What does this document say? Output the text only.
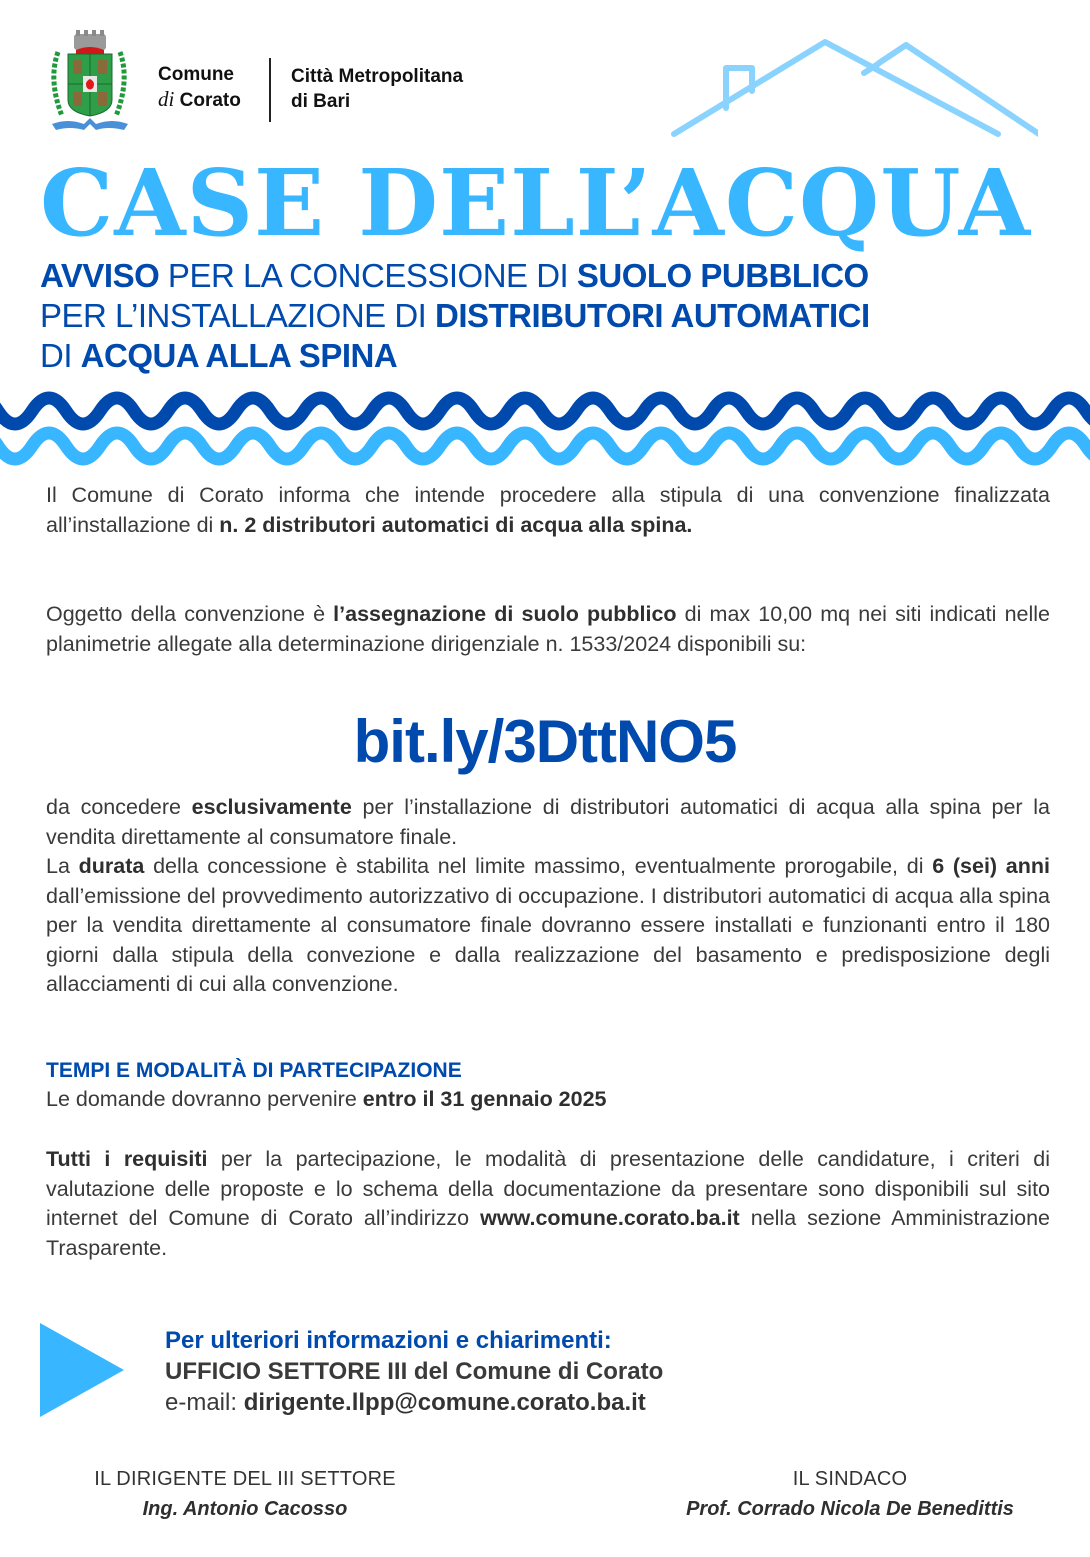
Comune
di Corato
Città Metropolitana
di Bari
CASE DELL’ACQUA
AVVISO PER LA CONCESSIONE DI SUOLO PUBBLICO
PER L’INSTALLAZIONE DI DISTRIBUTORI AUTOMATICI
DI ACQUA ALLA SPINA
Il Comune di Corato informa che intende procedere alla stipula di una convenzione finalizzata all’installazione di n. 2 distributori automatici di acqua alla spina.
Oggetto della convenzione è l’assegnazione di suolo pubblico di max 10,00 mq nei siti indicati nelle planimetrie allegate alla determinazione dirigenziale n. 1533/2024 disponibili su:
bit.ly/3DttNO5
da concedere esclusivamente per l’installazione di distributori automatici di acqua alla spina per la vendita direttamente al consumatore finale.
La durata della concessione è stabilita nel limite massimo, eventualmente prorogabile, di 6 (sei) anni dall’emissione del provvedimento autorizzativo di occupazione. I distributori automatici di acqua alla spina per la vendita direttamente al consumatore finale dovranno essere installati e funzionanti entro il 180 giorni dalla stipula della convezione e dalla realizzazione del basamento e predisposizione degli allacciamenti di cui alla convenzione.
TEMPI E MODALITÀ DI PARTECIPAZIONE
Le domande dovranno pervenire entro il 31 gennaio 2025
Tutti i requisiti per la partecipazione, le modalità di presentazione delle candidature, i criteri di valutazione delle proposte e lo schema della documentazione da presentare sono disponibili sul sito internet del Comune di Corato all’indirizzo www.comune.corato.ba.it nella sezione Amministrazione Trasparente.
Per ulteriori informazioni e chiarimenti:
UFFICIO SETTORE III del Comune di Corato
e-mail: dirigente.llpp@comune.corato.ba.it
IL DIRIGENTE DEL III SETTORE
Ing. Antonio Cacosso
IL SINDACO
Prof. Corrado Nicola De Benedittis
